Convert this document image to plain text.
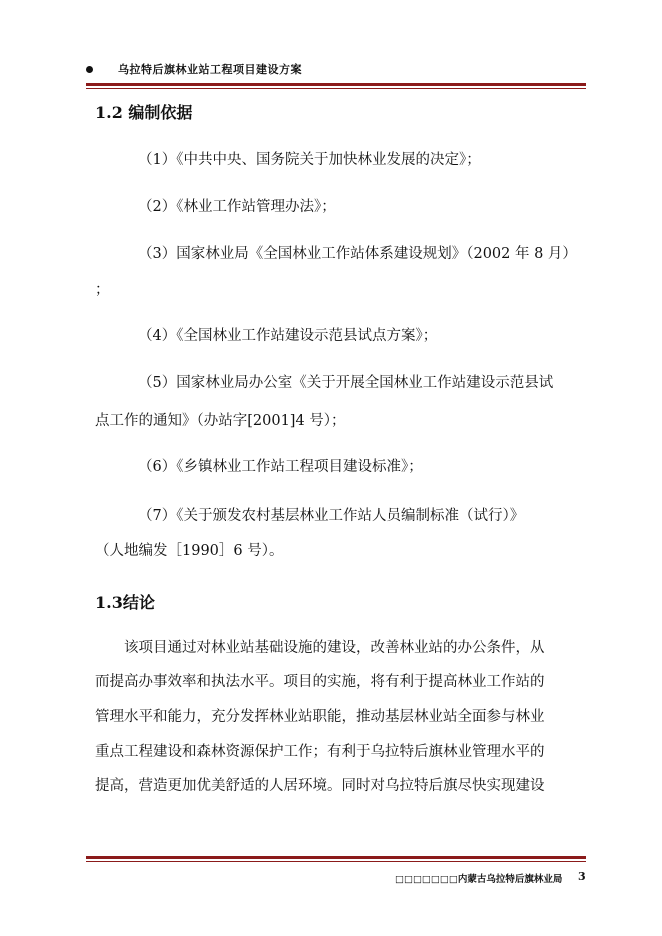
乌拉特后旗林业站工程项目建设方案
1.2 编制依据
（1）《中共中央、国务院关于加快林业发展的决定》；
（2）《林业工作站管理办法》；
（3）国家林业局《全国林业工作站体系建设规划》（2002 年 8 月）
；
（4）《全国林业工作站建设示范县试点方案》；
（5）国家林业局办公室《关于开展全国林业工作站建设示范县试
点工作的通知》（办站字[2001]4 号）；
（6）《乡镇林业工作站工程项目建设标准》；
（7）《关于颁发农村基层林业工作站人员编制标准（试行）》
（人地编发［1990］6 号）。
1.3结论
该项目通过对林业站基础设施的建设，改善林业站的办公条件，从
而提高办事效率和执法水平。项目的实施，将有利于提高林业工作站的
管理水平和能力，充分发挥林业站职能，推动基层林业站全面参与林业
重点工程建设和森林资源保护工作；有利于乌拉特后旗林业管理水平的
提高，营造更加优美舒适的人居环境。同时对乌拉特后旗尽快实现建设
□□□□□□□内蒙古乌拉特后旗林业局 3
